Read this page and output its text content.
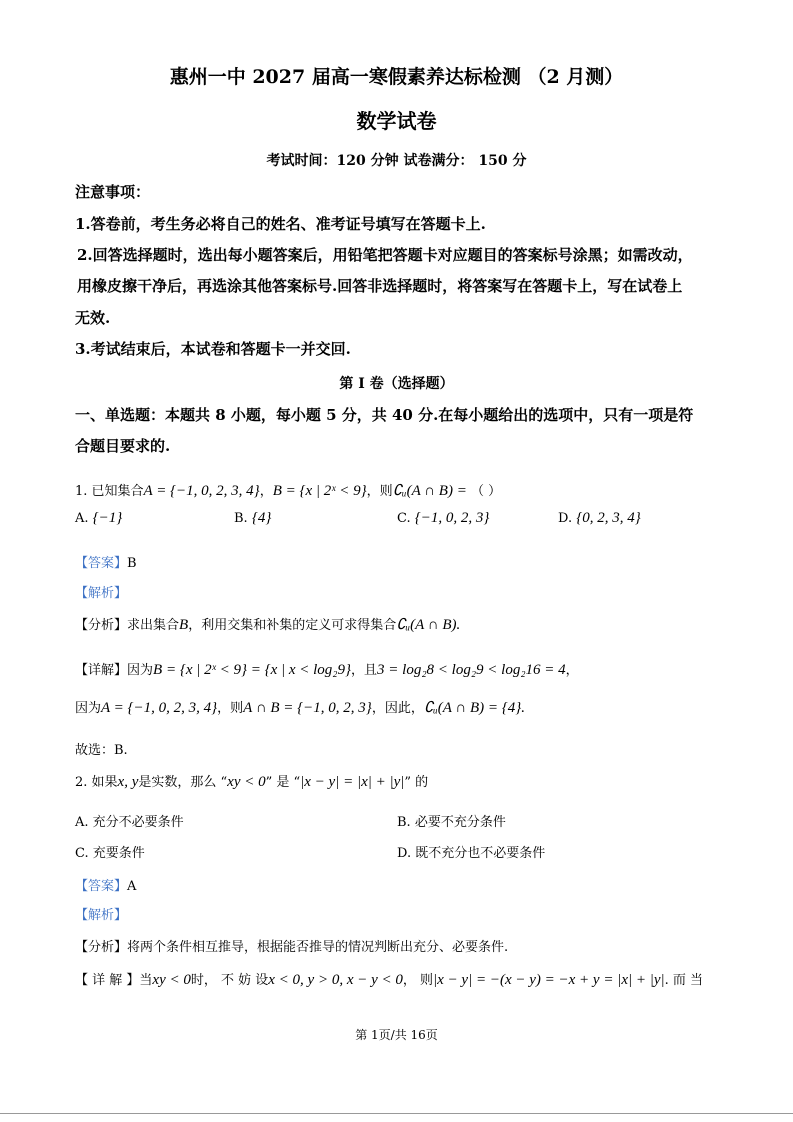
惠州一中 2027 届高一寒假素养达标检测 （2 月测）
数学试卷
考试时间：120 分钟 试卷满分： 150 分
注意事项：
1.答卷前，考生务必将自己的姓名、准考证号填写在答题卡上.
2.回答选择题时，选出每小题答案后，用铅笔把答题卡对应题目的答案标号涂黑；如需改动，
用橡皮擦干净后，再选涂其他答案标号.回答非选择题时，将答案写在答题卡上，写在试卷上
无效.
3.考试结束后，本试卷和答题卡一并交回.
第 I 卷（选择题）
一、单选题：本题共 8 小题，每小题 5 分，共 40 分.在每小题给出的选项中，只有一项是符
合题目要求的.
1. 已知集合A = {−1, 0, 2, 3, 4}，B = {x | 2ˣ < 9}，则∁ᵤ(A ∩ B) = （ ）
A. {−1}	B. {4}	C. {−1, 0, 2, 3}	D. {0, 2, 3, 4}
【答案】B
【解析】
【分析】求出集合B，利用交集和补集的定义可求得集合∁ᵤ(A ∩ B).
【详解】因为B = {x | 2ˣ < 9} = {x | x < log₂9}，且3 = log₂8 < log₂9 < log₂16 = 4，
因为A = {−1, 0, 2, 3, 4}，则A ∩ B = {−1, 0, 2, 3}，因此，∁ᵤ(A ∩ B) = {4}.
故选：B.
2. 如果x, y是实数，那么 “xy < 0” 是 “|x − y| = |x| + |y|” 的
A. 充分不必要条件	B. 必要不充分条件
C. 充要条件	D. 既不充分也不必要条件
【答案】A
【解析】
【分析】将两个条件相互推导，根据能否推导的情况判断出充分、必要条件.
【 详 解 】当xy < 0时， 不 妨 设x < 0, y > 0, x − y < 0， 则|x − y| = −(x − y) = −x + y = |x| + |y|. 而 当
第 1页/共 16页
